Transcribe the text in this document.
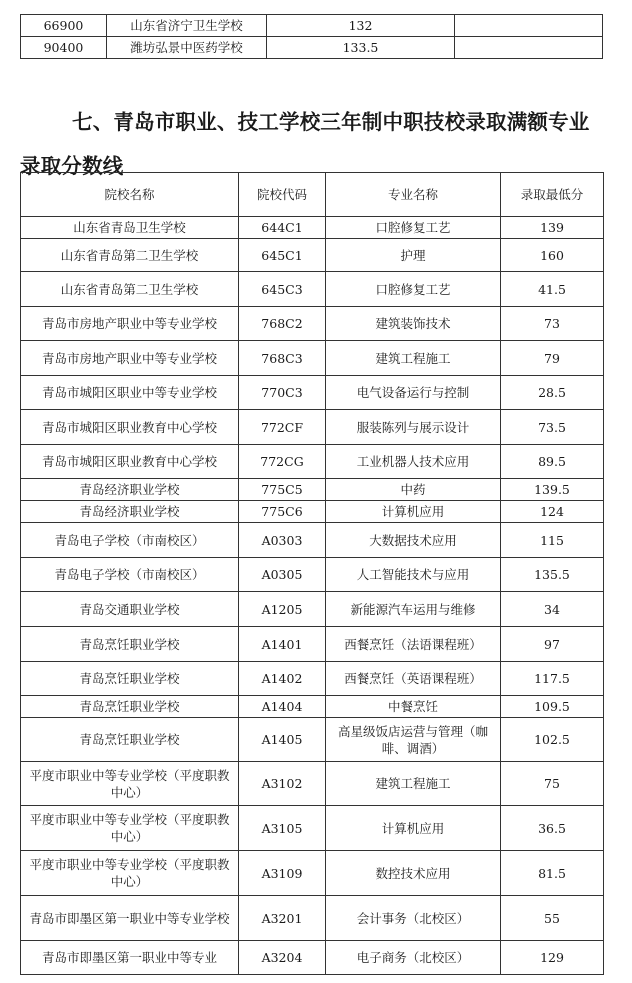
66900	山东省济宁卫生学校	132	
90400	潍坊弘景中医药学校	133.5	
七、青岛市职业、技工学校三年制中职技校录取满额专业录取分数线
院校名称	院校代码	专业名称	录取最低分
山东省青岛卫生学校	644C1	口腔修复工艺	139
山东省青岛第二卫生学校	645C1	护理	160
山东省青岛第二卫生学校	645C3	口腔修复工艺	41.5
青岛市房地产职业中等专业学校	768C2	建筑装饰技术	73
青岛市房地产职业中等专业学校	768C3	建筑工程施工	79
青岛市城阳区职业中等专业学校	770C3	电气设备运行与控制	28.5
青岛市城阳区职业教育中心学校	772CF	服装陈列与展示设计	73.5
青岛市城阳区职业教育中心学校	772CG	工业机器人技术应用	89.5
青岛经济职业学校	775C5	中药	139.5
青岛经济职业学校	775C6	计算机应用	124
青岛电子学校（市南校区）	A0303	大数据技术应用	115
青岛电子学校（市南校区）	A0305	人工智能技术与应用	135.5
青岛交通职业学校	A1205	新能源汽车运用与维修	34
青岛烹饪职业学校	A1401	西餐烹饪（法语课程班）	97
青岛烹饪职业学校	A1402	西餐烹饪（英语课程班）	117.5
青岛烹饪职业学校	A1404	中餐烹饪	109.5
青岛烹饪职业学校	A1405	高星级饭店运营与管理（咖啡、调酒）	102.5
平度市职业中等专业学校（平度职教中心）	A3102	建筑工程施工	75
平度市职业中等专业学校（平度职教中心）	A3105	计算机应用	36.5
平度市职业中等专业学校（平度职教中心）	A3109	数控技术应用	81.5
青岛市即墨区第一职业中等专业学校	A3201	会计事务（北校区）	55
青岛市即墨区第一职业中等专业	A3204	电子商务（北校区）	129
